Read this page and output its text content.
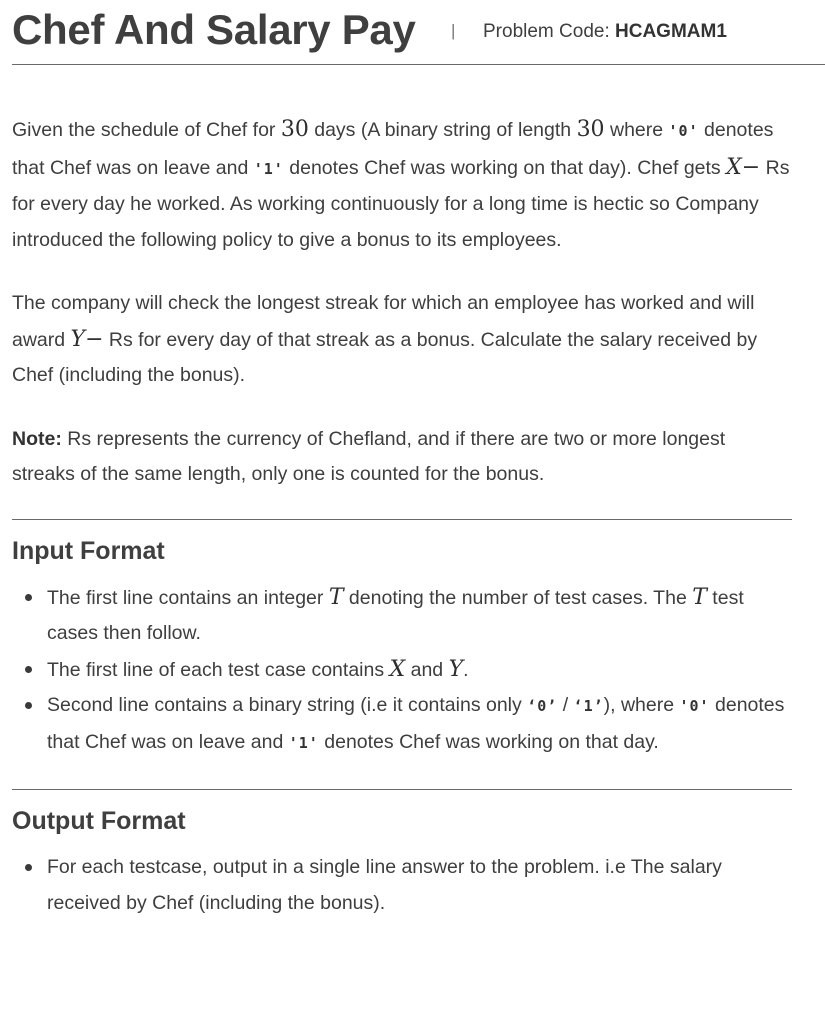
Chef And Salary Pay | Problem Code: HCAGMAM1

Given the schedule of Chef for 30 days (A binary string of length 30 where '0' denotes that Chef was on leave and '1' denotes Chef was working on that day). Chef gets X− Rs for every day he worked. As working continuously for a long time is hectic so Company introduced the following policy to give a bonus to its employees.

The company will check the longest streak for which an employee has worked and will award Y− Rs for every day of that streak as a bonus. Calculate the salary received by Chef (including the bonus).

Note: Rs represents the currency of Chefland, and if there are two or more longest streaks of the same length, only one is counted for the bonus.

Input Format
The first line contains an integer T denoting the number of test cases. The T test cases then follow.
The first line of each test case contains X and Y.
Second line contains a binary string (i.e it contains only ‘0’ / ‘1’), where '0' denotes that Chef was on leave and '1' denotes Chef was working on that day.
Output Format
For each testcase, output in a single line answer to the problem. i.e The salary received by Chef (including the bonus).
